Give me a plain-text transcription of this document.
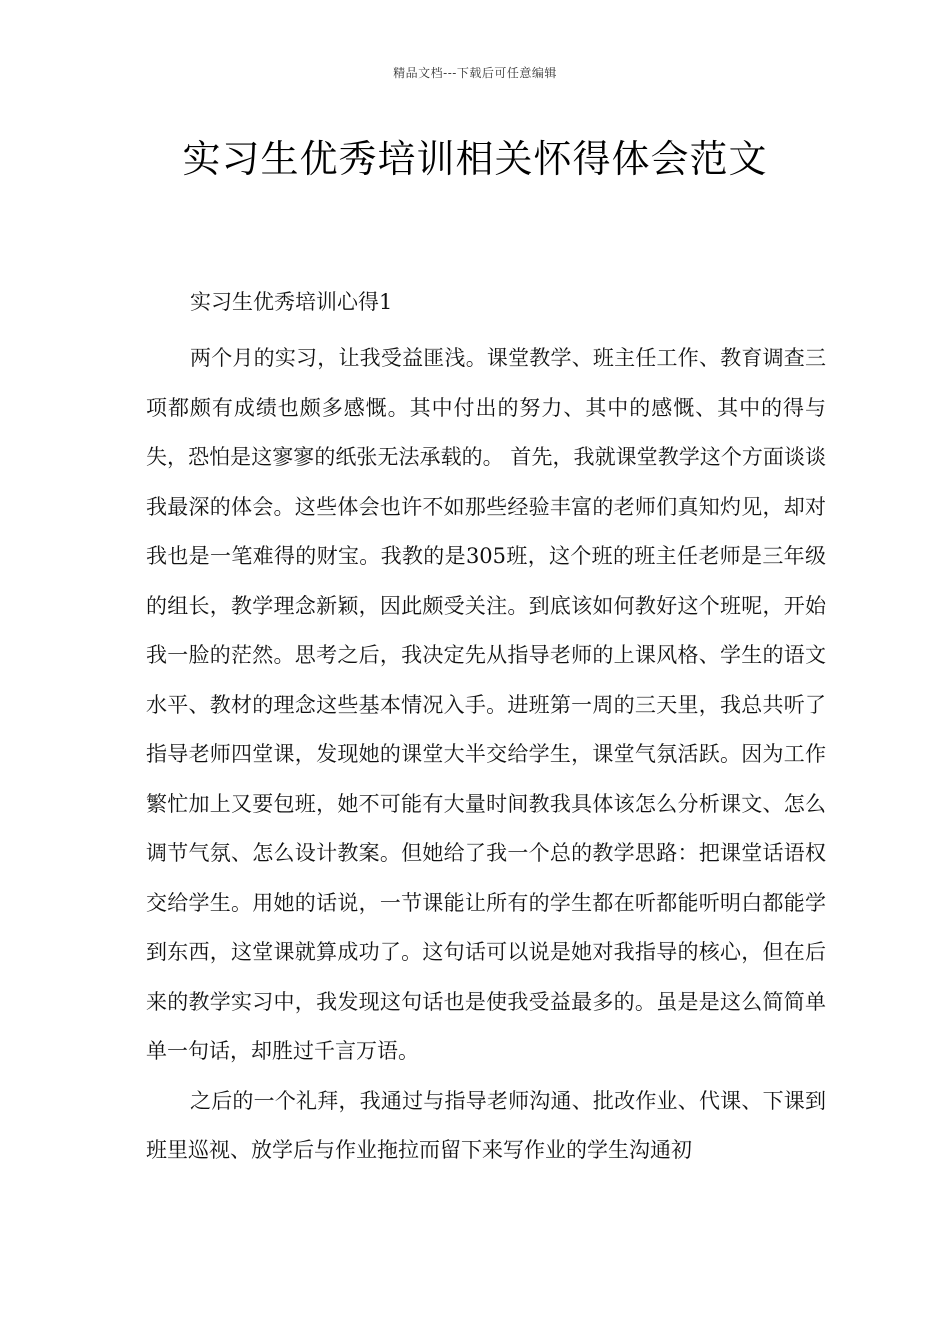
精品文档---下载后可任意编辑
实习生优秀培训相关怀得体会范文
实习生优秀培训心得1

两个月的实习，让我受益匪浅。课堂教学、班主任工作、教育调查三项都颇有成绩也颇多感慨。其中付出的努力、其中的感慨、其中的得与失，恐怕是这寥寥的纸张无法承载的。 首先，我就课堂教学这个方面谈谈我最深的体会。这些体会也许不如那些经验丰富的老师们真知灼见，却对我也是一笔难得的财宝。我教的是305班，这个班的班主任老师是三年级的组长，教学理念新颖，因此颇受关注。到底该如何教好这个班呢，开始我一脸的茫然。思考之后，我决定先从指导老师的上课风格、学生的语文水平、教材的理念这些基本情况入手。进班第一周的三天里，我总共听了指导老师四堂课，发现她的课堂大半交给学生，课堂气氛活跃。因为工作繁忙加上又要包班，她不可能有大量时间教我具体该怎么分析课文、怎么调节气氛、怎么设计教案。但她给了我一个总的教学思路：把课堂话语权交给学生。用她的话说，一节课能让所有的学生都在听都能听明白都能学到东西，这堂课就算成功了。这句话可以说是她对我指导的核心，但在后来的教学实习中，我发现这句话也是使我受益最多的。虽是是这么简简单单一句话，却胜过千言万语。

之后的一个礼拜，我通过与指导老师沟通、批改作业、代课、下课到班里巡视、放学后与作业拖拉而留下来写作业的学生沟通初
